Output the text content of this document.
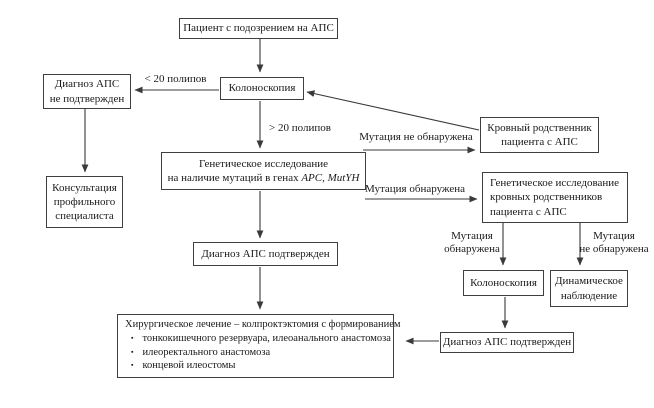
Пациент с подозрением на АПС
Колоноскопия
Диагноз АПС
не подтвержден
Консультация
профильного
специалиста
Генетическое исследование
на наличие мутаций в генах APC, MutYH
Диагноз АПС подтвержден
Кровный родственник
пациента с АПС
Генетическое исследование
кровных родственников
пациента с АПС
Колоноскопия	Динамическое
наблюдение
Диагноз АПС подтвержден
Хирургическое лечение – колпроктэктомия с формированием
▪ тонкокишечного резервуара, илеоанального анастомоза
▪ илеоректального анастомоза
▪ концевой илеостомы
< 20 полипов
> 20 полипов
Мутация не обнаружена
Мутация обнаружена
Мутация
обнаружена
Мутация
не обнаружена
